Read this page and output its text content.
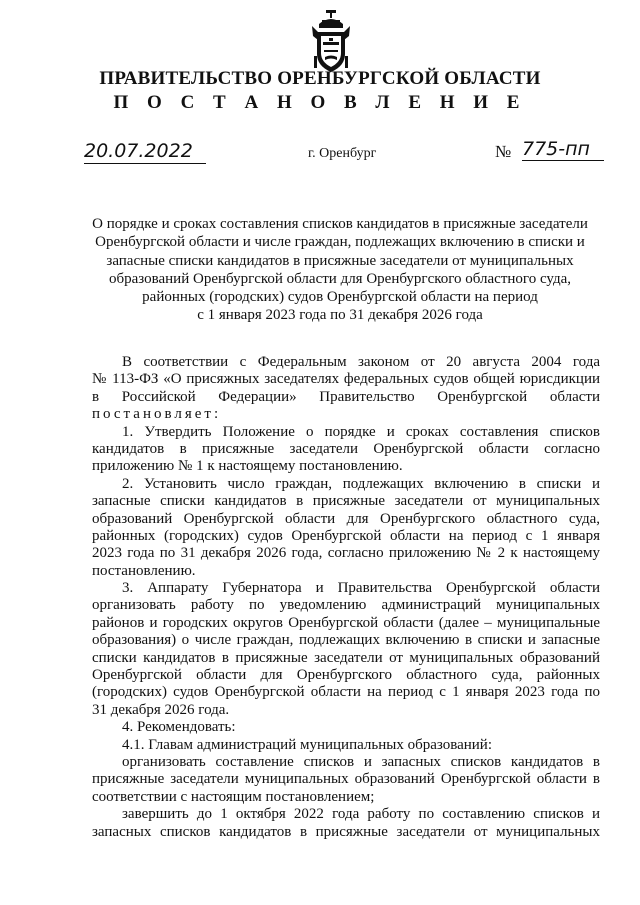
ПРАВИТЕЛЬСТВО ОРЕНБУРГСКОЙ ОБЛАСТИ
П О С Т А Н О В Л Е Н И Е
20.07.2022	г. Оренбург	№ 775-пп
О порядке и сроках составления списков кандидатов в присяжные заседатели
Оренбургской области и числе граждан, подлежащих включению в списки и
запасные списки кандидатов в присяжные заседатели от муниципальных
образований Оренбургской области для Оренбургского областного суда,
районных (городских) судов Оренбургской области на период
с 1 января 2023 года по 31 декабря 2026 года
В соответствии с Федеральным законом от 20 августа 2004 года
№ 113-ФЗ «О присяжных заседателях федеральных судов общей юрисдикции
в Российской Федерации» Правительство Оренбургской области
постановляет:
1. Утвердить Положение о порядке и сроках составления списков
кандидатов в присяжные заседатели Оренбургской области согласно
приложению № 1 к настоящему постановлению.
2. Установить число граждан, подлежащих включению в списки и
запасные списки кандидатов в присяжные заседатели от муниципальных
образований Оренбургской области для Оренбургского областного суда,
районных (городских) судов Оренбургской области на период с 1 января
2023 года по 31 декабря 2026 года, согласно приложению № 2 к настоящему
постановлению.
3. Аппарату Губернатора и Правительства Оренбургской области
организовать работу по уведомлению администраций муниципальных
районов и городских округов Оренбургской области (далее – муниципальные
образования) о числе граждан, подлежащих включению в списки и запасные
списки кандидатов в присяжные заседатели от муниципальных образований
Оренбургской области для Оренбургского областного суда, районных
(городских) судов Оренбургской области на период с 1 января 2023 года по
31 декабря 2026 года.
4. Рекомендовать:
4.1. Главам администраций муниципальных образований:
организовать составление списков и запасных списков кандидатов в
присяжные заседатели муниципальных образований Оренбургской области в
соответствии с настоящим постановлением;
завершить до 1 октября 2022 года работу по составлению списков и
запасных списков кандидатов в присяжные заседатели от муниципальных
